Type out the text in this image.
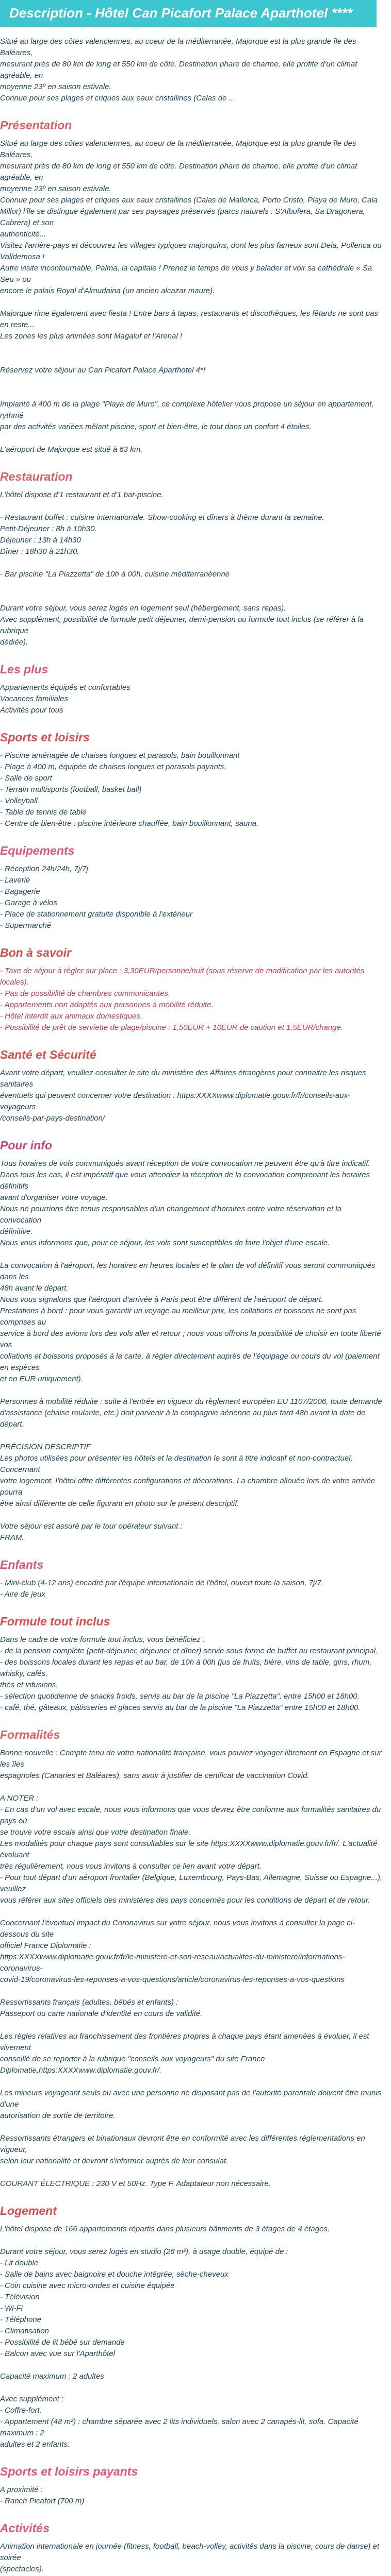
Description - Hôtel Can Picafort Palace Aparthotel ****

Situé au large des côtes valenciennes, au coeur de la méditerranée, Majorque est la plus grande île des Baléares,

mesurant près de 80 km de long et 550 km de côte. Destination phare de charme, elle profite d'un climat agréable, en

moyenne 23º en saison estivale.

Connue pour ses plages et criques aux eaux cristallines (Calas de ...

Présentation

Situé au large des côtes valenciennes, au coeur de la méditerranée, Majorque est la plus grande île des Baléares,

mesurant près de 80 km de long et 550 km de côte. Destination phare de charme, elle profite d'un climat agréable, en

moyenne 23º en saison estivale.

Connue pour ses plages et criques aux eaux cristallines (Calas de Mallorca, Porto Cristo, Playa de Muro, Cala

Millor) l'île se distingue également par ses paysages préservés (parcs naturels : S'Albufera, Sa Dragonera, Cabrera) et son

authenticité...

Visitez l'arrière-pays et découvrez les villages typiques majorquins, dont les plus fameux sont Deia, Pollenca ou

Valldemosa !

Autre visite incontournable, Palma, la capitale ! Prenez le temps de vous y balader et voir sa cathédrale « Sa Seu » ou

encore le palais Royal d'Almudaina (un ancien alcazar maure).

Majorque rime également avec fiesta ! Entre bars à tapas, restaurants et discothèques, les fêtards ne sont pas en reste...

Les zones les plus animées sont Magaluf et l'Arenal !

Réservez votre séjour au Can Picafort Palace Aparthotel 4*!

Implanté à 400 m de la plage "Playa de Muro", ce complexe hôtelier vous propose un séjour en appartement, rythmé

par des activités variées mêlant piscine, sport et bien-être, le tout dans un confort 4 étoiles.

L'aéroport de Majorque est situé à 63 km.

Restauration

L'hôtel dispose d'1 restaurant et d'1 bar-piscine.

- Restaurant buffet : cuisine internationale. Show-cooking et dîners à thème durant la semaine.

Petit-Déjeuner : 8h à 10h30.

Déjeuner : 13h à 14h30

Dîner : 18h30 à 21h30.

- Bar piscine "La Piazzetta" de 10h à 00h, cuisine méditerranéenne

Durant votre séjour, vous serez logés en logement seul (hébergement, sans repas).

Avec supplément, possibilité de formule petit déjeuner, demi-pension ou formule tout inclus (se référer à la rubrique

dédiée).

Les plus
Appartements équipés et confortables
Vacances familiales
Activités pour tous
Sports et loisirs
- Piscine aménagée de chaises longues et parasols, bain bouillonnant
- Plage à 400 m, équipée de chaises longues et parasols payants.
- Salle de sport
- Terrain multisports (football, basket ball)
- Volleyball
- Table de tennis de table
- Centre de bien-être : piscine intérieure chauffée, bain bouillonnant, sauna.
Equipements
- Réception 24h/24h, 7j/7j
- Laverie
- Bagagerie
- Garage à vélos
- Place de stationnement gratuite disponible à l'extérieur
- Supermarché
Bon à savoir
- Taxe de séjour à régler sur place : 3,30EUR/personne/nuit (sous réserve de modification par les autorités locales).
- Pas de possibilité de chambres communicantes.
- Appartements non adaptés aux personnes à mobilité réduite.
- Hôtel interdit aux animaux domestiques.
- Possibilité de prêt de serviette de plage/piscine : 1,50EUR + 10EUR de caution et 1,5EUR/change.
Santé et Sécurité

Avant votre départ, veuillez consulter le site du ministère des Affaires étrangères pour connaitre les risques sanitaires

éventuels qui peuvent concerner votre destination : https:XXXXwww.diplomatie.gouv.fr/fr/conseils-aux-voyageurs

/conseils-par-pays-destination/

Pour info

Tous horaires de vols communiqués avant réception de votre convocation ne peuvent être qu'à titre indicatif.

Dans tous les cas, il est impératif que vous attendiez la réception de la convocation comprenant les horaires définitifs

avant d'organiser votre voyage.

Nous ne pourrions être tenus responsables d'un changement d'horaires entre votre réservation et la convocation

définitive.

Nous vous informons que, pour ce séjour, les vols sont susceptibles de faire l'objet d'une escale.

La convocation à l'aéroport, les horaires en heures locales et le plan de vol définitif vous seront communiqués dans les

48h avant le départ.

Nous vous signalons que l'aéroport d'arrivée à Paris peut être différent de l'aéroport de départ.

Prestations à bord : pour vous garantir un voyage au meilleur prix, les collations et boissons ne sont pas comprises au

service à bord des avions lors des vols aller et retour ; nous vous offrons la possibilité de choisir en toute liberté vos

collations et boissons proposés à la carte, à régler directement auprès de l'équipage ou cours du vol (paiement en espèces

et en EUR uniquement).

Personnes à mobilité réduite : suite à l'entrée en vigueur du règlement européen EU 1107/2006, toute demande

d'assistance (chaise roulante, etc.) doit parvenir à la compagnie aérienne au plus tard 48h avant la date de départ.

PRÉCISION DESCRIPTIF

Les photos utilisées pour présenter les hôtels et la destination le sont à titre indicatif et non-contractuel. Concernant

votre logement, l'hôtel offre différentes configurations et décorations. La chambre allouée lors de votre arrivée pourra

être ainsi différente de celle figurant en photo sur le présent descriptif.

Votre séjour est assuré par le tour opérateur suivant :

FRAM.

Enfants
- Mini-club (4-12 ans) encadré par l'équipe internationale de l'hôtel, ouvert toute la saison, 7j/7.
- Aire de jeux
Formule tout inclus

Dans le cadre de votre formule tout inclus, vous bénéficiez :

- de la pension complète (petit-déjeuner, déjeuner et dîner) servie sous forme de buffet au restaurant principal.

- des boissons locales durant les repas et au bar, de 10h à 00h (jus de fruits, bière, vins de table, gins, rhum, whisky, cafés,

thés et infusions.

- sélection quotidienne de snacks froids, servis au bar de la piscine "La Piazzetta", entre 15h00 et 18h00.

- café, thé, gâteaux, pâtisseries et glaces servis au bar de la piscine "La Piazzetta" entre 15h00 et 18h00.

Formalités

Bonne nouvelle : Compte tenu de votre nationalité française, vous pouvez voyager librement en Espagne et sur les îles

espagnoles (Canaries et Baléares), sans avoir à justifier de certificat de vaccination Covid.

A NOTER :

- En cas d'un vol avec escale, nous vous informons que vous devrez être conforme aux formalités sanitaires du pays où

se trouve votre escale ainsi que votre destination finale.

Les modalités pour chaque pays sont consultables sur le site https:XXXXwww.diplomatie.gouv.fr/fr/. L'actualité évoluant

très régulièrement, nous vous invitons à consulter ce lien avant votre départ.

- Pour tout départ d'un aéroport frontalier (Belgique, Luxembourg, Pays-Bas, Allemagne, Suisse ou Espagne...), veuillez

vous référer aux sites officiels des ministères des pays concernés pour les conditions de départ et de retour.

Concernant l'éventuel impact du Coronavirus sur votre séjour, nous vous invitons à consulter la page ci-dessous du site

officiel France Diplomatie :

https:XXXXwww.diplomatie.gouv.fr/fr/le-ministere-et-son-reseau/actualites-du-ministere/informations-coronavirus-

covid-19/coronavirus-les-reponses-a-vos-questions/article/coronavirus-les-reponses-a-vos-questions

Ressortissants français (adultes, bébés et enfants) :

Passeport ou carte nationale d'identité en cours de validité.

Les règles relatives au franchissement des frontières propres à chaque pays étant amenées à évoluer, il est vivement

conseillé de se reporter à la rubrique "conseils aux voyageurs" du site France

Diplomatie,https:XXXXwww.diplomatie.gouv.fr/.

Les mineurs voyageant seuls ou avec une personne ne disposant pas de l'autorité parentale doivent être munis d'une

autorisation de sortie de territoire.

Ressortissants étrangers et binationaux devront être en conformité avec les différentes réglementations en vigueur,

selon leur nationalité et devront s'informer auprès de leur consulat.

COURANT ÉLECTRIQUE : 230 V et 50Hz. Type F. Adaptateur non nécessaire.

Logement

L'hôtel dispose de 166 appartements répartis dans plusieurs bâtiments de 3 étages de 4 étages.

Durant votre séjour, vous serez logés en studio (26 m²), à usage double, équipé de :

- Lit double

- Salle de bains avec baignoire et douche intégrée, sèche-cheveux

- Coin cuisine avec micro-ondes et cuisine équipée

- Télévision

- Wi-Fi

- Téléphone

- Climatisation

- Possibilité de lit bébé sur demande

- Balcon avec vue sur l'Aparthôtel

Capacité maximum : 2 adultes

Avec supplément :

- Coffre-fort.

- Appartement (48 m²) : chambre séparée avec 2 lits individuels, salon avec 2 canapés-lit, sofa. Capacité maximum : 2

adultes et 2 enfants.

Sports et loisirs payants

A proximité :

- Ranch Picafort (700 m)

Activités

Animation internationale en journée (fitness, football, beach-volley, activités dans la piscine, cours de danse) et soirée

(spectacles).
